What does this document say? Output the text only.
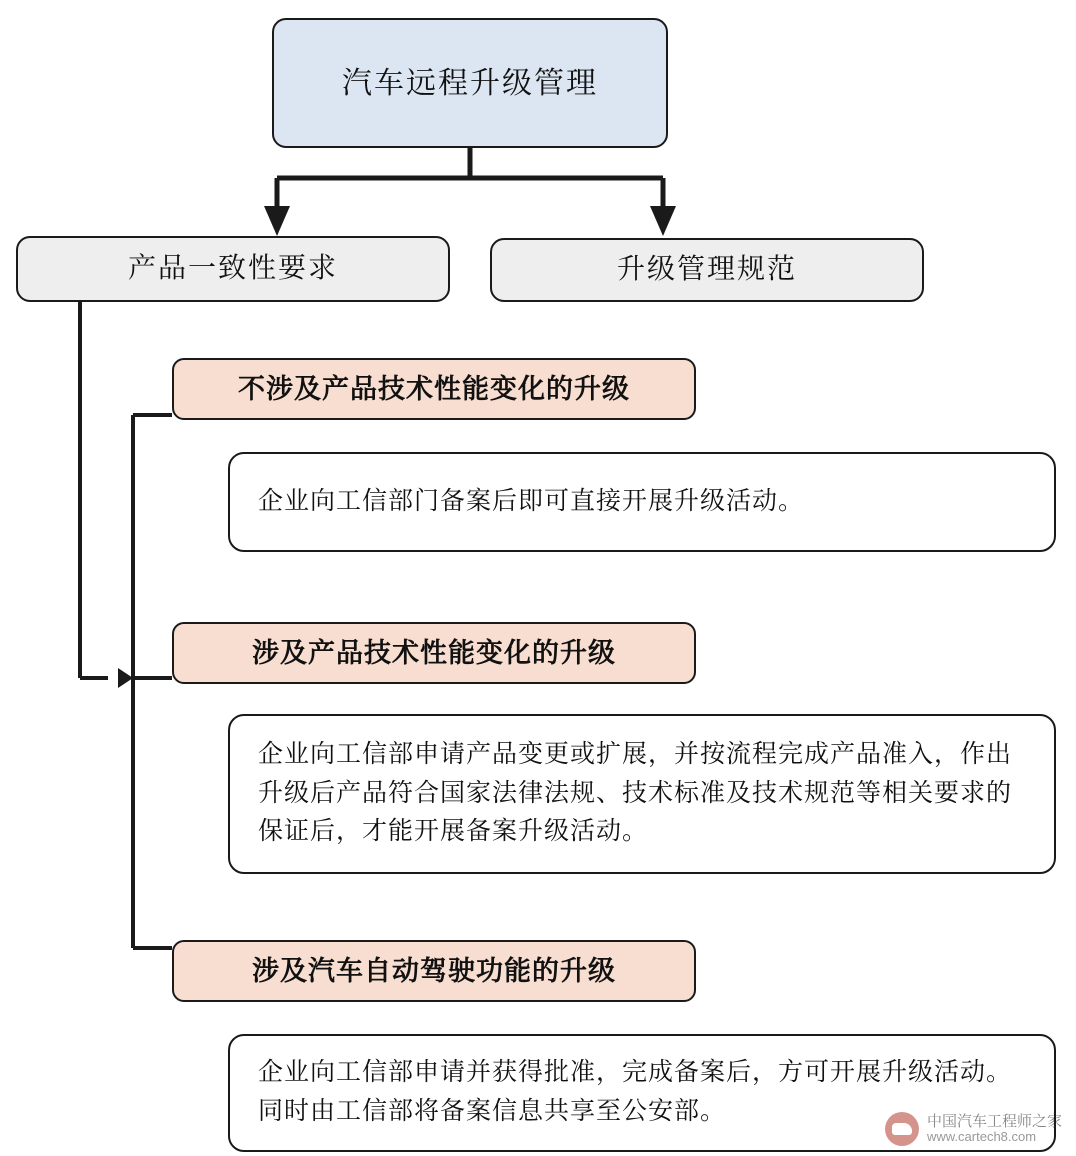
汽车远程升级管理
产品一致性要求	升级管理规范
不涉及产品技术性能变化的升级
企业向工信部门备案后即可直接开展升级活动。
涉及产品技术性能变化的升级
企业向工信部申请产品变更或扩展，并按流程完成产品准入，作出升级后产品符合国家法律法规、技术标准及技术规范等相关要求的保证后，才能开展备案升级活动。
涉及汽车自动驾驶功能的升级
企业向工信部申请并获得批准，完成备案后，方可开展升级活动。同时由工信部将备案信息共享至公安部。	中国汽车工程师之家
www.cartech8.com
